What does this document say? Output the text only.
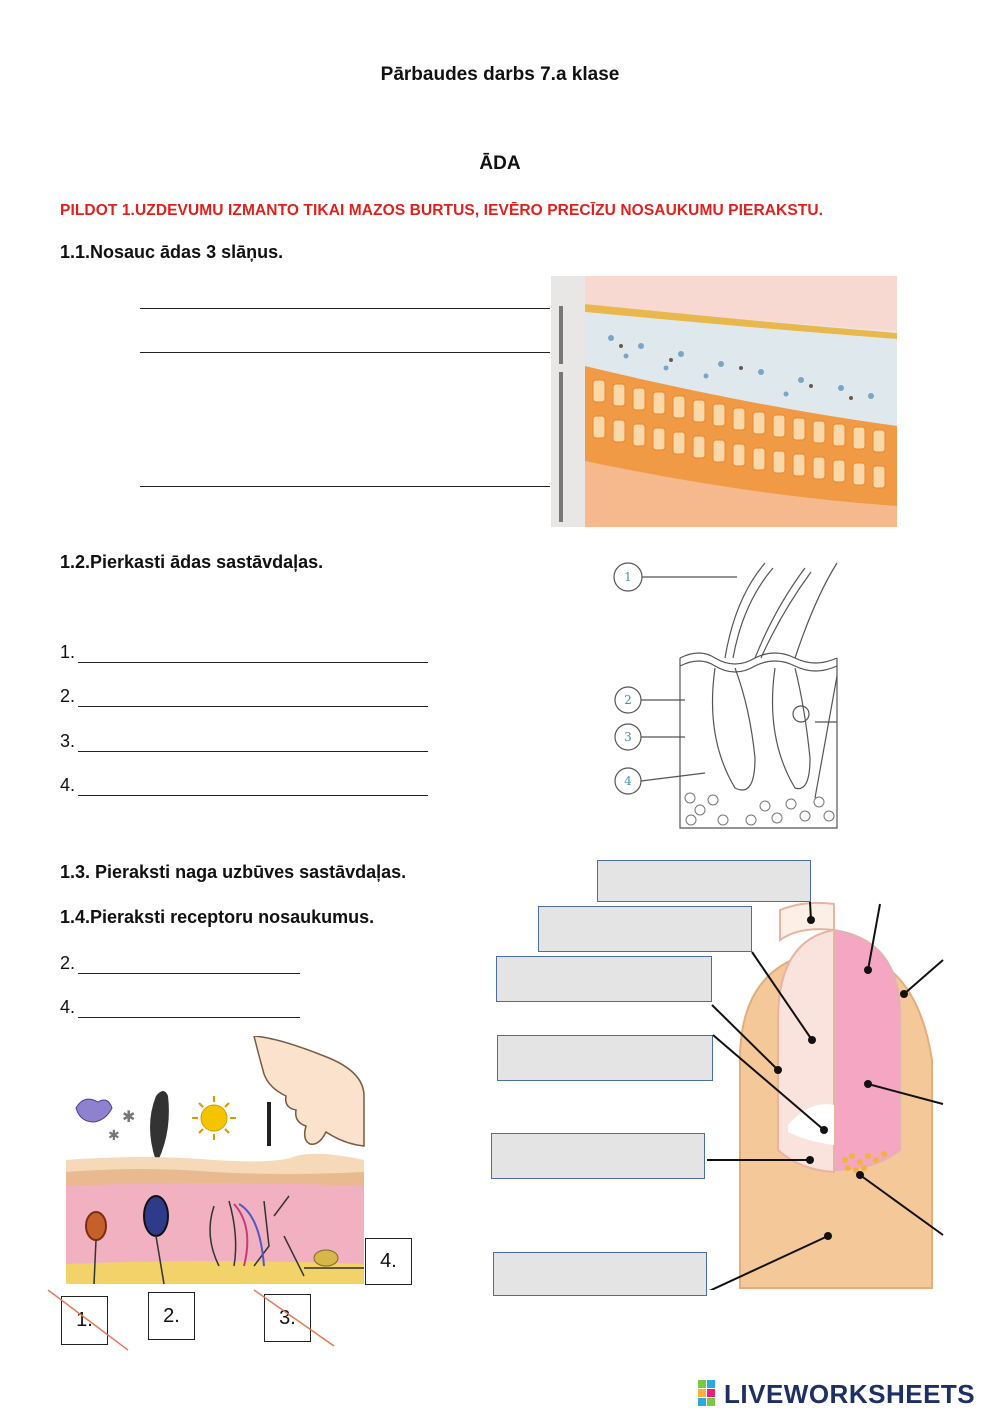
Pārbaudes darbs 7.a klase
ĀDA
PILDOT 1.UZDEVUMU IZMANTO TIKAI MAZOS BURTUS, IEVĒRO PRECĪZU NOSAUKUMU PIERAKSTU.
1.1.Nosauc ādas 3 slāņus.
1.2.Pierkasti ādas sastāvdaļas.
1.
2.
3.
4.
1
2
3
4
1.3. Pieraksti naga uzbūves sastāvdaļas.
1.4.Pieraksti receptoru nosaukumus.
2.
4.
✱
✱
4.
1.	2.	3.
LIVEWORKSHEETS
